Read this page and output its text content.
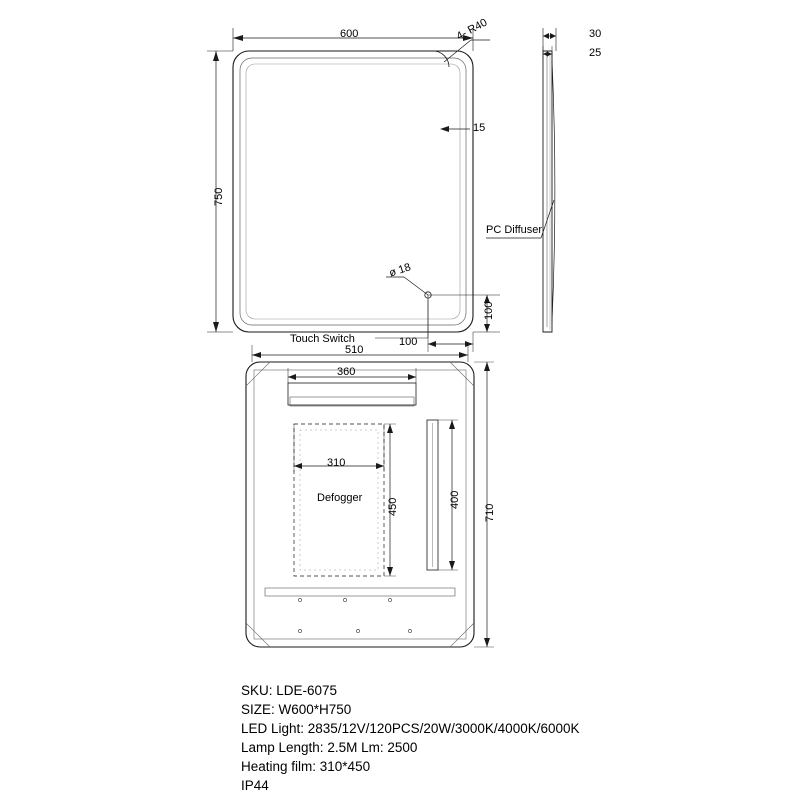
600
750
4- R40
15
ø 18
100
100
Touch Switch
30
25
PC Diffuser
510
360
310
450	400
710
Defogger
SKU: LDE-6075
SIZE: W600*H750
LED Light: 2835/12V/120PCS/20W/3000K/4000K/6000K
Lamp Length: 2.5M Lm: 2500
Heating film: 310*450
IP44
